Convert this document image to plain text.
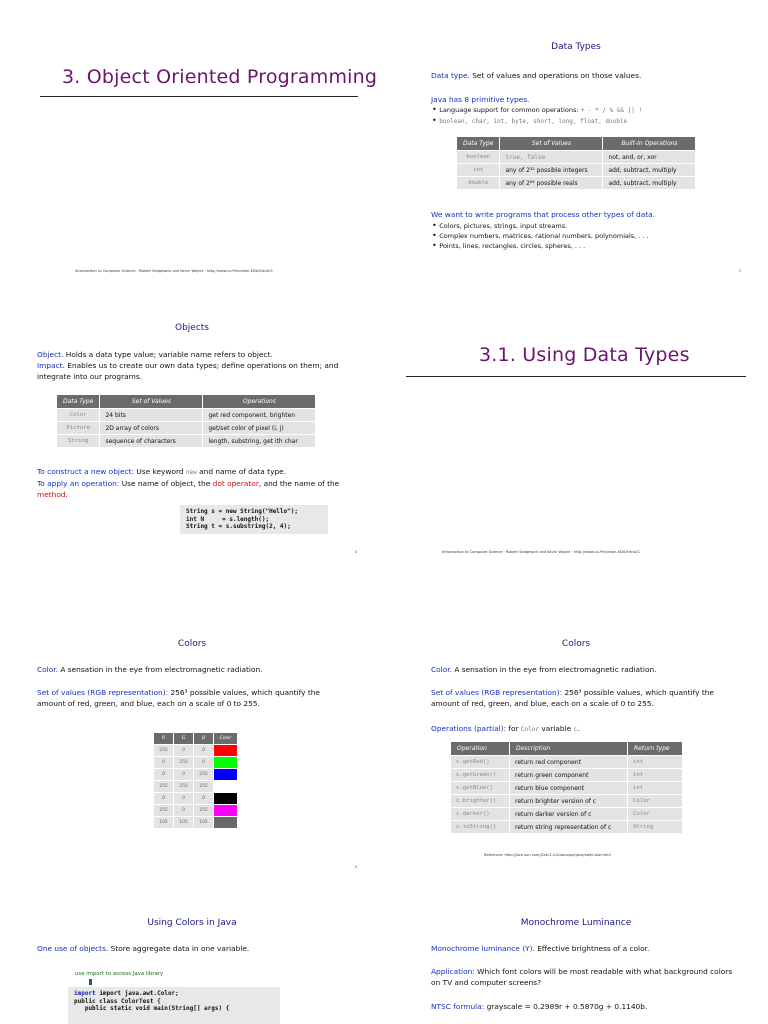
3. Object Oriented Programming
Introduction to Computer Science · Robert Sedgewick and Kevin Wayne · http://www.cs.Princeton.EDU/IntroCS
Data Types
Data type. Set of values and operations on those values.
Java has 8 primitive types.
• Language support for common operations: + - * / % && || !
• boolean, char, int, byte, short, long, float, double
Data Type	Set of Values	Built-In Operations
boolean	true, false	not, and, or, xor
int	any of 2³² possible integers	add, subtract, multiply
double	any of 2⁶⁴ possible reals	add, subtract, multiply
We want to write programs that process other types of data.
• Colors, pictures, strings, input streams.
• Complex numbers, matrices, rational numbers, polynomials, . . .
• Points, lines, rectangles, circles, spheres, . . .
2
Objects
Object. Holds a data type value; variable name refers to object.
Impact. Enables us to create our own data types; define operations on them; and integrate into our programs.
Data Type	Set of Values	Operations
Color	24 bits	get red component, brighten
Picture	2D array of colors	get/set color of pixel (i, j)
String	sequence of characters	length, substring, get ith char
To construct a new object: Use keyword new and name of data type.
To apply an operation: Use name of object, the dot operator, and the name of the method.
String s = new String("Hello");
int N     = s.length();
String t = s.substring(2, 4);
4
3.1. Using Data Types
Introduction to Computer Science · Robert Sedgewick and Kevin Wayne · http://www.cs.Princeton.EDU/IntroCS
Colors
Color. A sensation in the eye from electromagnetic radiation.
Set of values (RGB representation): 256³ possible values, which quantify the amount of red, green, and blue, each on a scale of 0 to 255.
R	G	B	Color
255	0	0	
0	255	0	
0	0	255	
255	255	255	
0	0	0	
255	0	255	
105	105	105	
5
Colors
Color. A sensation in the eye from electromagnetic radiation.
Set of values (RGB representation): 256³ possible values, which quantify the amount of red, green, and blue, each on a scale of 0 to 255.
Operations (partial): for Color variable c.
Operation	Description	Return type
c.getRed()	return red component	int
c.getGreen()	return green component	int
c.getBlue()	return blue component	int
c.brighter()	return brighter version of c	Color
c.darker()	return darker version of c	Color
c.toString()	return string representation of c	String
Reference: http://java.sun.com/j2se/1.4.2/docs/api/java/awt/Color.html
Using Colors in Java
One use of objects. Store aggregate data in one variable.
use import to access Java library
import import java.awt.Color;
public class ColorTest {
public static void main(String[] args) {
Monochrome Luminance
Monochrome luminance (Y). Effective brightness of a color.
Application: Which font colors will be most readable with what background colors on TV and computer screens?
NTSC formula: grayscale = 0.2989r + 0.5870g + 0.1140b.
